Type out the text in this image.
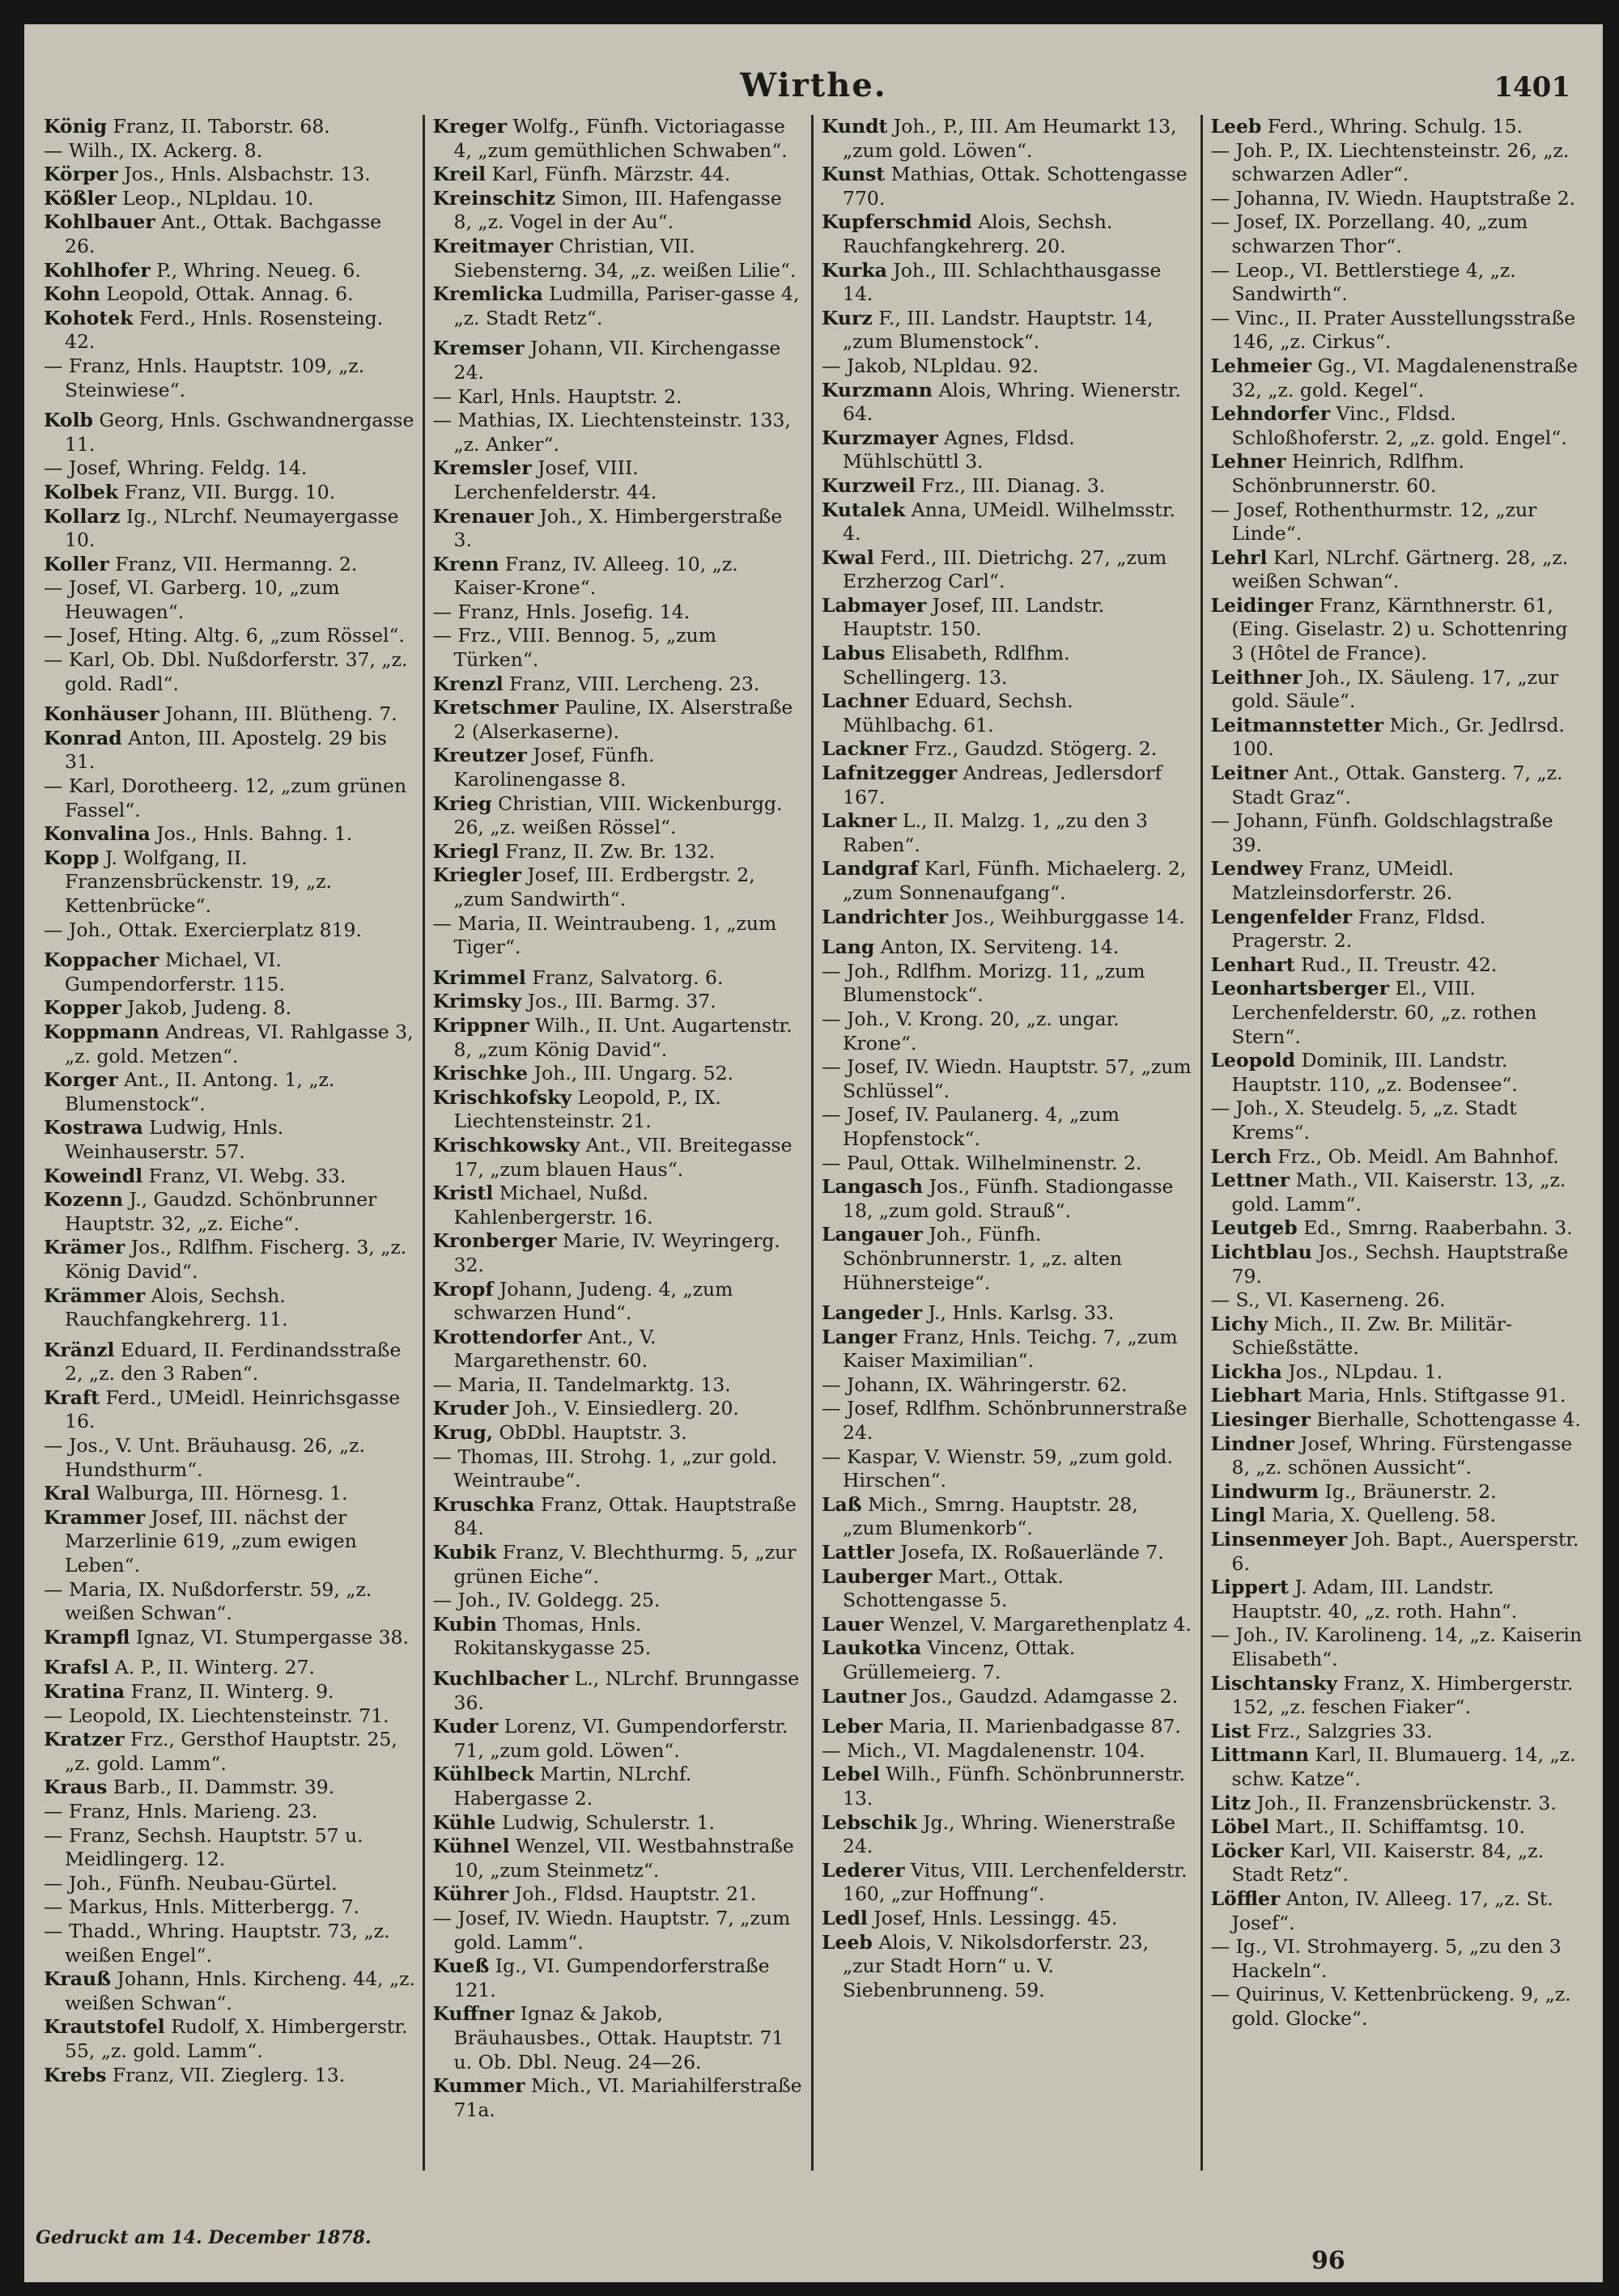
Wirthe.	1401

König Franz, II. Taborstr. 68.

— Wilh., IX. Ackerg. 8.

Körper Jos., Hnls. Alsbachstr. 13.

Kößler Leop., NLpldau. 10.

Kohlbauer Ant., Ottak. Bachgasse 26.

Kohlhofer P., Whring. Neueg. 6.

Kohn Leopold, Ottak. Annag. 6.

Kohotek Ferd., Hnls. Rosensteing. 42.

— Franz, Hnls. Hauptstr. 109, „z. Steinwiese“.

Kolb Georg, Hnls. Gschwandnergasse 11.

— Josef, Whring. Feldg. 14.

Kolbek Franz, VII. Burgg. 10.

Kollarz Ig., NLrchf. Neumayergasse 10.

Koller Franz, VII. Hermanng. 2.

— Josef, VI. Garberg. 10, „zum Heuwagen“.

— Josef, Hting. Altg. 6, „zum Rössel“.

— Karl, Ob. Dbl. Nußdorferstr. 37, „z. gold. Radl“.

Konhäuser Johann, III. Blütheng. 7.

Konrad Anton, III. Apostelg. 29 bis 31.

— Karl, Dorotheerg. 12, „zum grünen Fassel“.

Konvalina Jos., Hnls. Bahng. 1.

Kopp J. Wolfgang, II. Franzensbrückenstr. 19, „z. Kettenbrücke“.

— Joh., Ottak. Exercierplatz 819.

Koppacher Michael, VI. Gumpendorferstr. 115.

Kopper Jakob, Judeng. 8.

Koppmann Andreas, VI. Rahlgasse 3, „z. gold. Metzen“.

Korger Ant., II. Antong. 1, „z. Blumenstock“.

Kostrawa Ludwig, Hnls. Weinhauserstr. 57.

Koweindl Franz, VI. Webg. 33.

Kozenn J., Gaudzd. Schönbrunner Hauptstr. 32, „z. Eiche“.

Krämer Jos., Rdlfhm. Fischerg. 3, „z. König David“.

Krämmer Alois, Sechsh. Rauchfangkehrerg. 11.

Kränzl Eduard, II. Ferdinandsstraße 2, „z. den 3 Raben“.

Kraft Ferd., UMeidl. Heinrichsgasse 16.

— Jos., V. Unt. Bräuhausg. 26, „z. Hundsthurm“.

Kral Walburga, III. Hörnesg. 1.

Krammer Josef, III. nächst der Marzerlinie 619, „zum ewigen Leben“.

— Maria, IX. Nußdorferstr. 59, „z. weißen Schwan“.

Krampfl Ignaz, VI. Stumpergasse 38.

Krafsl A. P., II. Winterg. 27.

Kratina Franz, II. Winterg. 9.

— Leopold, IX. Liechtensteinstr. 71.

Kratzer Frz., Gersthof Hauptstr. 25, „z. gold. Lamm“.

Kraus Barb., II. Dammstr. 39.

— Franz, Hnls. Marieng. 23.

— Franz, Sechsh. Hauptstr. 57 u. Meidlingerg. 12.

— Joh., Fünfh. Neubau-Gürtel.

— Markus, Hnls. Mitterbergg. 7.

— Thadd., Whring. Hauptstr. 73, „z. weißen Engel“.

Krauß Johann, Hnls. Kircheng. 44, „z. weißen Schwan“.

Krautstofel Rudolf, X. Himbergerstr. 55, „z. gold. Lamm“.

Krebs Franz, VII. Zieglerg. 13.

Kreger Wolfg., Fünfh. Victoriagasse 4, „zum gemüthlichen Schwaben“.

Kreil Karl, Fünfh. Märzstr. 44.

Kreinschitz Simon, III. Hafengasse 8, „z. Vogel in der Au“.

Kreitmayer Christian, VII. Siebensterng. 34, „z. weißen Lilie“.

Kremlicka Ludmilla, Pariser-gasse 4, „z. Stadt Retz“.

Kremser Johann, VII. Kirchengasse 24.

— Karl, Hnls. Hauptstr. 2.

— Mathias, IX. Liechtensteinstr. 133, „z. Anker“.

Kremsler Josef, VIII. Lerchenfelderstr. 44.

Krenauer Joh., X. Himbergerstraße 3.

Krenn Franz, IV. Alleeg. 10, „z. Kaiser-Krone“.

— Franz, Hnls. Josefig. 14.

— Frz., VIII. Bennog. 5, „zum Türken“.

Krenzl Franz, VIII. Lercheng. 23.

Kretschmer Pauline, IX. Alserstraße 2 (Alserkaserne).

Kreutzer Josef, Fünfh. Karolinengasse 8.

Krieg Christian, VIII. Wickenburgg. 26, „z. weißen Rössel“.

Kriegl Franz, II. Zw. Br. 132.

Kriegler Josef, III. Erdbergstr. 2, „zum Sandwirth“.

— Maria, II. Weintraubeng. 1, „zum Tiger“.

Krimmel Franz, Salvatorg. 6.

Krimsky Jos., III. Barmg. 37.

Krippner Wilh., II. Unt. Augartenstr. 8, „zum König David“.

Krischke Joh., III. Ungarg. 52.

Krischkofsky Leopold, P., IX. Liechtensteinstr. 21.

Krischkowsky Ant., VII. Breitegasse 17, „zum blauen Haus“.

Kristl Michael, Nußd. Kahlenbergerstr. 16.

Kronberger Marie, IV. Weyringerg. 32.

Kropf Johann, Judeng. 4, „zum schwarzen Hund“.

Krottendorfer Ant., V. Margarethenstr. 60.

— Maria, II. Tandelmarktg. 13.

Kruder Joh., V. Einsiedlerg. 20.

Krug, ObDbl. Hauptstr. 3.

— Thomas, III. Strohg. 1, „zur gold. Weintraube“.

Kruschka Franz, Ottak. Hauptstraße 84.

Kubik Franz, V. Blechthurmg. 5, „zur grünen Eiche“.

— Joh., IV. Goldegg. 25.

Kubin Thomas, Hnls. Rokitanskygasse 25.

Kuchlbacher L., NLrchf. Brunngasse 36.

Kuder Lorenz, VI. Gumpendorferstr. 71, „zum gold. Löwen“.

Kühlbeck Martin, NLrchf. Habergasse 2.

Kühle Ludwig, Schulerstr. 1.

Kühnel Wenzel, VII. Westbahnstraße 10, „zum Steinmetz“.

Kührer Joh., Fldsd. Hauptstr. 21.

— Josef, IV. Wiedn. Hauptstr. 7, „zum gold. Lamm“.

Kueß Ig., VI. Gumpendorferstraße 121.

Kuffner Ignaz & Jakob, Bräuhausbes., Ottak. Hauptstr. 71 u. Ob. Dbl. Neug. 24—26.

Kummer Mich., VI. Mariahilferstraße 71a.

Kundt Joh., P., III. Am Heumarkt 13, „zum gold. Löwen“.

Kunst Mathias, Ottak. Schottengasse 770.

Kupferschmid Alois, Sechsh. Rauchfangkehrerg. 20.

Kurka Joh., III. Schlachthausgasse 14.

Kurz F., III. Landstr. Hauptstr. 14, „zum Blumenstock“.

— Jakob, NLpldau. 92.

Kurzmann Alois, Whring. Wienerstr. 64.

Kurzmayer Agnes, Fldsd. Mühlschüttl 3.

Kurzweil Frz., III. Dianag. 3.

Kutalek Anna, UMeidl. Wilhelmsstr. 4.

Kwal Ferd., III. Dietrichg. 27, „zum Erzherzog Carl“.

Labmayer Josef, III. Landstr. Hauptstr. 150.

Labus Elisabeth, Rdlfhm. Schellingerg. 13.

Lachner Eduard, Sechsh. Mühlbachg. 61.

Lackner Frz., Gaudzd. Stögerg. 2.

Lafnitzegger Andreas, Jedlersdorf 167.

Lakner L., II. Malzg. 1, „zu den 3 Raben“.

Landgraf Karl, Fünfh. Michaelerg. 2, „zum Sonnenaufgang“.

Landrichter Jos., Weihburggasse 14.

Lang Anton, IX. Serviteng. 14.

— Joh., Rdlfhm. Morizg. 11, „zum Blumenstock“.

— Joh., V. Krong. 20, „z. ungar. Krone“.

— Josef, IV. Wiedn. Hauptstr. 57, „zum Schlüssel“.

— Josef, IV. Paulanerg. 4, „zum Hopfenstock“.

— Paul, Ottak. Wilhelminenstr. 2.

Langasch Jos., Fünfh. Stadiongasse 18, „zum gold. Strauß“.

Langauer Joh., Fünfh. Schönbrunnerstr. 1, „z. alten Hühnersteige“.

Langeder J., Hnls. Karlsg. 33.

Langer Franz, Hnls. Teichg. 7, „zum Kaiser Maximilian“.

— Johann, IX. Währingerstr. 62.

— Josef, Rdlfhm. Schönbrunnerstraße 24.

— Kaspar, V. Wienstr. 59, „zum gold. Hirschen“.

Laß Mich., Smrng. Hauptstr. 28, „zum Blumenkorb“.

Lattler Josefa, IX. Roßauerlände 7.

Lauberger Mart., Ottak. Schottengasse 5.

Lauer Wenzel, V. Margarethenplatz 4.

Laukotka Vincenz, Ottak. Grüllemeierg. 7.

Lautner Jos., Gaudzd. Adamgasse 2.

Leber Maria, II. Marienbadgasse 87.

— Mich., VI. Magdalenenstr. 104.

Lebel Wilh., Fünfh. Schönbrunnerstr. 13.

Lebschik Jg., Whring. Wienerstraße 24.

Lederer Vitus, VIII. Lerchenfelderstr. 160, „zur Hoffnung“.

Ledl Josef, Hnls. Lessingg. 45.

Leeb Alois, V. Nikolsdorferstr. 23, „zur Stadt Horn“ u. V. Siebenbrunneng. 59.

Leeb Ferd., Whring. Schulg. 15.

— Joh. P., IX. Liechtensteinstr. 26, „z. schwarzen Adler“.

— Johanna, IV. Wiedn. Hauptstraße 2.

— Josef, IX. Porzellang. 40, „zum schwarzen Thor“.

— Leop., VI. Bettlerstiege 4, „z. Sandwirth“.

— Vinc., II. Prater Ausstellungsstraße 146, „z. Cirkus“.

Lehmeier Gg., VI. Magdalenenstraße 32, „z. gold. Kegel“.

Lehndorfer Vinc., Fldsd. Schloßhoferstr. 2, „z. gold. Engel“.

Lehner Heinrich, Rdlfhm. Schönbrunnerstr. 60.

— Josef, Rothenthurmstr. 12, „zur Linde“.

Lehrl Karl, NLrchf. Gärtnerg. 28, „z. weißen Schwan“.

Leidinger Franz, Kärnthnerstr. 61, (Eing. Giselastr. 2) u. Schottenring 3 (Hôtel de France).

Leithner Joh., IX. Säuleng. 17, „zur gold. Säule“.

Leitmannstetter Mich., Gr. Jedlrsd. 100.

Leitner Ant., Ottak. Gansterg. 7, „z. Stadt Graz“.

— Johann, Fünfh. Goldschlagstraße 39.

Lendwey Franz, UMeidl. Matzleinsdorferstr. 26.

Lengenfelder Franz, Fldsd. Pragerstr. 2.

Lenhart Rud., II. Treustr. 42.

Leonhartsberger El., VIII. Lerchenfelderstr. 60, „z. rothen Stern“.

Leopold Dominik, III. Landstr. Hauptstr. 110, „z. Bodensee“.

— Joh., X. Steudelg. 5, „z. Stadt Krems“.

Lerch Frz., Ob. Meidl. Am Bahnhof.

Lettner Math., VII. Kaiserstr. 13, „z. gold. Lamm“.

Leutgeb Ed., Smrng. Raaberbahn. 3.

Lichtblau Jos., Sechsh. Hauptstraße 79.

— S., VI. Kaserneng. 26.

Lichy Mich., II. Zw. Br. Militär-Schießstätte.

Lickha Jos., NLpdau. 1.

Liebhart Maria, Hnls. Stiftgasse 91.

Liesinger Bierhalle, Schottengasse 4.

Lindner Josef, Whring. Fürstengasse 8, „z. schönen Aussicht“.

Lindwurm Ig., Bräunerstr. 2.

Lingl Maria, X. Quelleng. 58.

Linsenmeyer Joh. Bapt., Auersperstr. 6.

Lippert J. Adam, III. Landstr. Hauptstr. 40, „z. roth. Hahn“.

— Joh., IV. Karolineng. 14, „z. Kaiserin Elisabeth“.

Lischtansky Franz, X. Himbergerstr. 152, „z. feschen Fiaker“.

List Frz., Salzgries 33.

Littmann Karl, II. Blumauerg. 14, „z. schw. Katze“.

Litz Joh., II. Franzensbrückenstr. 3.

Löbel Mart., II. Schiffamtsg. 10.

Löcker Karl, VII. Kaiserstr. 84, „z. Stadt Retz“.

Löffler Anton, IV. Alleeg. 17, „z. St. Josef“.

— Ig., VI. Strohmayerg. 5, „zu den 3 Hackeln“.

— Quirinus, V. Kettenbrückeng. 9, „z. gold. Glocke“.

Gedruckt am 14. December 1878.
96
